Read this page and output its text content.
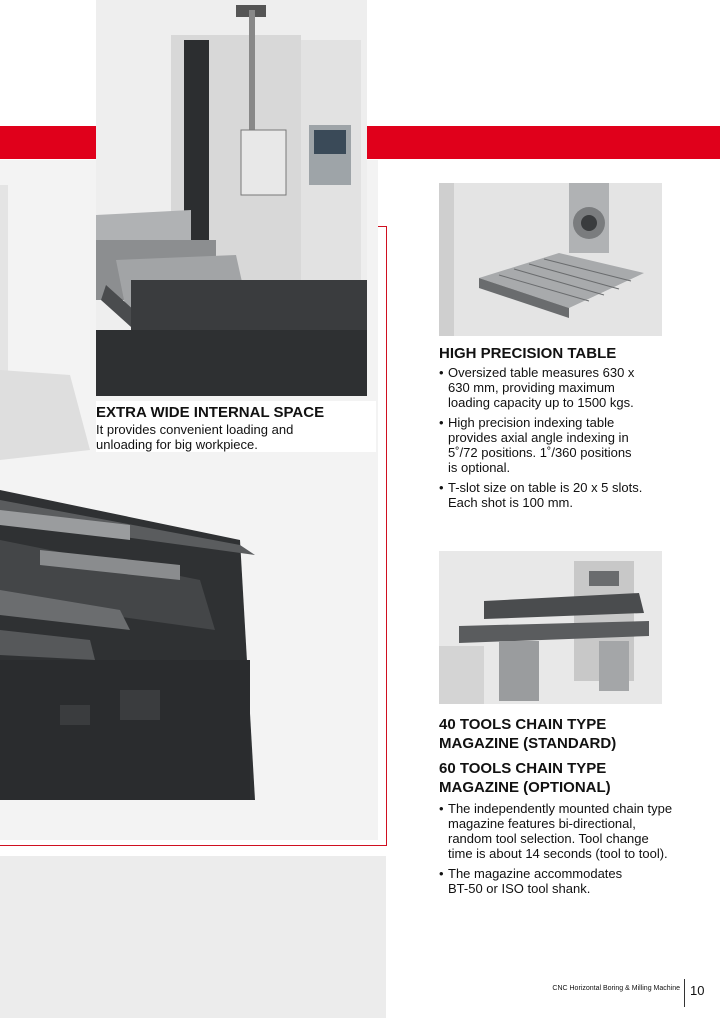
EXTRA WIDE INTERNAL SPACE
It provides convenient loading and
unloading for big workpiece.
HIGH PRECISION TABLE
• Oversized table measures 630 x
630 mm, providing maximum
loading capacity up to 1500 kgs.
• High precision indexing table
provides axial angle indexing in
5˚/72 positions. 1˚/360 positions
is optional.
• T-slot size on table is 20 x 5 slots.
Each shot is 100 mm.
40 TOOLS CHAIN TYPE
MAGAZINE (STANDARD)
60 TOOLS CHAIN TYPE
MAGAZINE (OPTIONAL)
• The independently mounted chain type
magazine features bi-directional,
random tool selection. Tool change
time is about 14 seconds (tool to tool).
• The magazine accommodates
BT-50 or ISO tool shank.
CNC Horizontal Boring & Milling Machine 10
